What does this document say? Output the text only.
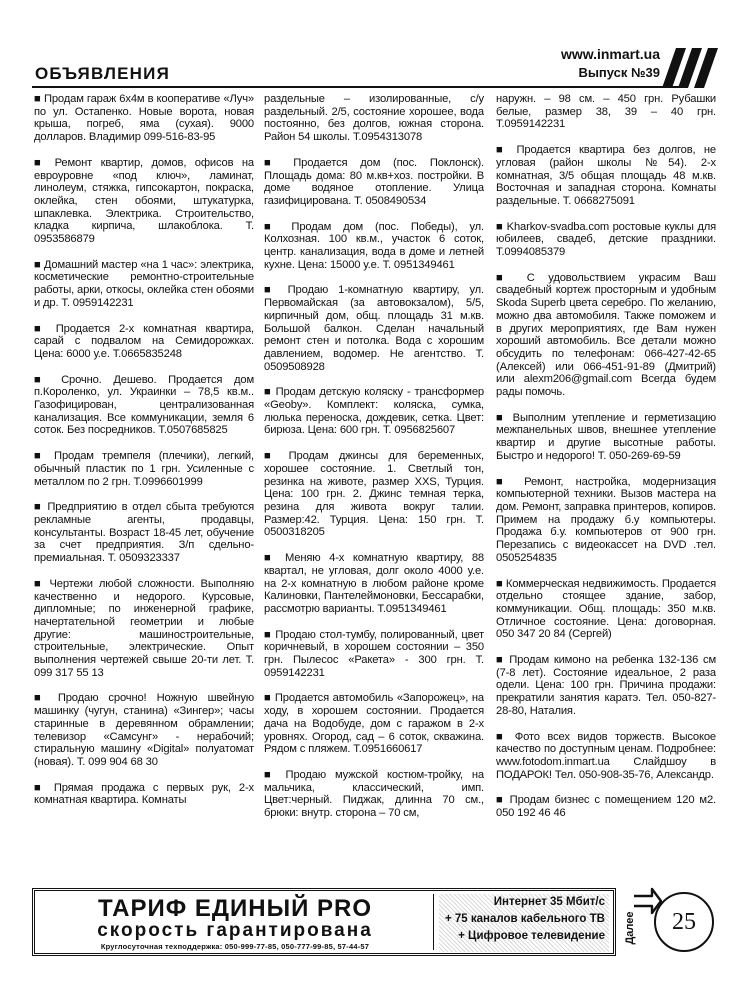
ОБЪЯВЛЕНИЯ
www.inmart.ua
Выпуск №39

■ Продам гараж 6х4м в кооперативе «Луч» по ул. Остапенко. Новые ворота, новая крыша, погреб, яма (сухая). 9000 долларов. Владимир 099-516-83-95

■ Ремонт квартир, домов, офисов на евроуровне «под ключ», ламинат, линолеум, стяжка, гипсокартон, покраска, оклейка, стен обоями, штукатурка, шпаклевка. Электрика. Строительство, кладка кирпича, шлакоблока. Т. 0953586879

■ Домашний мастер «на 1 час»: электрика, косметические ремонтно-строительные работы, арки, откосы, оклейка стен обоями и др. Т. 0959142231

■ Продается 2-х комнатная квартира, сарай с подвалом на Семидорожках. Цена: 6000 у.е. Т.0665835248

■ Срочно. Дешево. Продается дом п.Короленко, ул. Украинки – 78,5 кв.м.. Газофицирован, централизованная канализация. Все коммуникации, земля 6 соток. Без посредников. Т.0507685825

■ Продам тремпеля (плечики), легкий, обычный пластик по 1 грн. Усиленные с металлом по 2 грн. Т.0996601999

■ Предприятию в отдел сбыта требуются рекламные агенты, продавцы, консультанты. Возраст 18-45 лет, обучение за счет предприятия. З/п сдельно-премиальная. Т. 0509323337

■ Чертежи любой сложности. Выполняю качественно и недорого. Курсовые, дипломные; по инженерной графике, начертательной геометрии и любые другие: машиностроительные, строительные, электрические. Опыт выполнения чертежей свыше 20-ти лет. Т. 099 317 55 13

■ Продаю срочно! Ножную швейную машинку (чугун, станина) «Зингер»; часы старинные в деревянном обрамлении; телевизор «Самсунг» - нерабочий; стиральную машину «Digital» полуатомат (новая). Т. 099 904 68 30

■ Прямая продажа с первых рук, 2-х комнатная квартира. Комнаты

раздельные – изолированные, с/у раздельный. 2/5, состояние хорошее, вода постоянно, без долгов, южная сторона. Район 54 школы. Т.0954313078

■ Продается дом (пос. Поклонск). Площадь дома: 80 м.кв+хоз. постройки. В доме водяное отопление. Улица газифицирована. Т. 0508490534

■ Продам дом (пос. Победы), ул. Колхозная. 100 кв.м., участок 6 соток, центр. канализация, вода в доме и летней кухне. Цена: 15000 у.е. Т. 0951349461

■ Продаю 1-комнатную квартиру, ул. Первомайская (за автовокзалом), 5/5, кирпичный дом, общ. площадь 31 м.кв. Большой балкон. Сделан начальный ремонт стен и потолка. Вода с хорошим давлением, водомер. Не агентство. Т. 0509508928

■ Продам детскую коляску - трансформер «Geoby». Комплект: коляска, сумка, люлька переноска, дождевик, сетка. Цвет: бирюза. Цена: 600 грн. Т. 0956825607

■ Продам джинсы для беременных, хорошее состояние. 1. Светлый тон, резинка на животе, размер XXS, Турция. Цена: 100 грн. 2. Джинс темная терка, резина для живота вокруг талии. Размер:42. Турция. Цена: 150 грн. Т. 0500318205

■ Меняю 4-х комнатную квартиру, 88 квартал, не угловая, долг около 4000 у.е. на 2-х комнатную в любом районе кроме Калиновки, Пантелеймоновки, Бессарабки, рассмотрю варианты. Т.0951349461

■ Продаю стол-тумбу, полированный, цвет коричневый, в хорошем состоянии – 350 грн. Пылесос «Ракета» - 300 грн. Т. 0959142231

■ Продается автомобиль «Запорожец», на ходу, в хорошем состоянии. Продается дача на Водобуде, дом с гаражом в 2-х уровнях. Огород, сад – 6 соток, скважина. Рядом с пляжем. Т.0951660617

■ Продаю мужской костюм-тройку, на мальчика, классический, имп. Цвет:черный. Пиджак, длинна 70 см., брюки: внутр. сторона – 70 см,

наружн. – 98 см. – 450 грн. Рубашки белые, размер 38, 39 – 40 грн. Т.0959142231

■ Продается квартира без долгов, не угловая (район школы №54). 2-х комнатная, 3/5 общая площадь 48 м.кв. Восточная и западная сторона. Комнаты раздельные. Т. 0668275091

■ Kharkov-svadba.com ростовые куклы для юбилеев, свадеб, детские праздники. Т.0994085379

■ С удовольствием украсим Ваш свадебный кортеж просторным и удобным Skoda Superb цвета серебро. По желанию, можно два автомобиля. Также поможем и в других мероприятиях, где Вам нужен хороший автомобиль. Все детали можно обсудить по телефонам: 066-427-42-65 (Алексей) или 066-451-91-89 (Дмитрий) или alexm206@gmail.com Всегда будем рады помочь.

■ Выполним утепление и герметизацию межпанельных швов, внешнее утепление квартир и другие высотные работы. Быстро и недорого! Т. 050-269-69-59

■ Ремонт, настройка, модернизация компьютерной техники. Вызов мастера на дом. Ремонт, заправка принтеров, копиров. Примем на продажу б.у компьютеры. Продажа б.у. компьютеров от 900 грн. Перезапись с видеокассет на DVD .тел. 0505254835

■ Коммерческая недвижимость. Продается отдельно стоящее здание, забор, коммуникации. Общ. площадь: 350 м.кв. Отличное состояние. Цена: договорная. 050 347 20 84 (Сергей)

■ Продам кимоно на ребенка 132-136 см (7-8 лет). Состояние идеальное, 2 раза одели. Цена: 100 грн. Причина продажи: прекратили занятия каратэ. Тел. 050-827-28-80, Наталия.

■ Фото всех видов торжеств. Высокое качество по доступным ценам. Подробнее: www.fotodom.inmart.ua Слайдшоу в ПОДАРОК! Тел. 050-908-35-76, Александр.

■ Продам бизнес с помещением 120 м2. 050 192 46 46

ТАРИФ ЕДИНЫЙ PRO
скорость гарантирована
Круглосуточная техподдержка: 050-999-77-85, 050-777-99-85, 57-44-57
Интернет 35 Мбит/с
+ 75 каналов кабельного ТВ
+ Цифровое телевидение Далее	25
